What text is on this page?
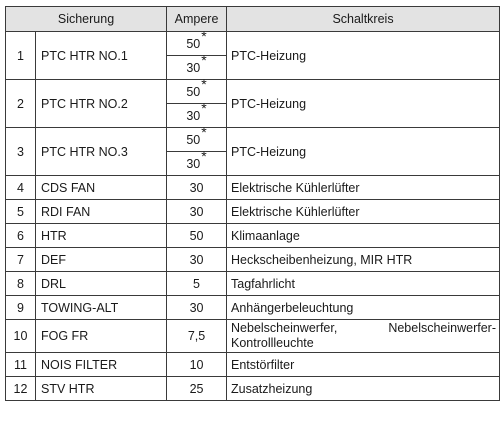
Sicherung		Ampere	Schaltkreis
1	PTC HTR NO.1	50*	PTC-Heizung
		30*
2	PTC HTR NO.2	50*	PTC-Heizung
		30*
3	PTC HTR NO.3	50*	PTC-Heizung
		30*
4	CDS FAN	30	Elektrische Kühlerlüfter
5	RDI FAN	30	Elektrische Kühlerlüfter
6	HTR	50	Klimaanlage
7	DEF	30	Heckscheibenheizung, MIR HTR
8	DRL	5	Tagfahrlicht
9	TOWING-ALT	30	Anhängerbeleuchtung
10	FOG FR	7,5	Nebelscheinwerfer, Nebelscheinwerfer-Kontrollleuchte
11	NOIS FILTER	10	Entstörfilter
12	STV HTR	25	Zusatzheizung
